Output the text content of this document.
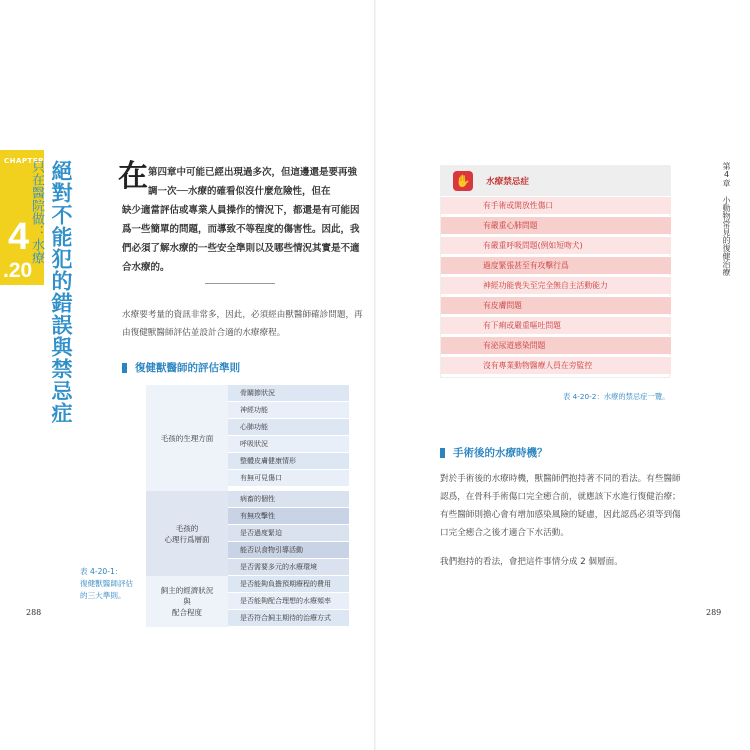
CHAPTER
4
.20 絕對不能犯的錯誤與禁忌症
只在醫院做：水療 在 第四章中可能已經出現過多次，但這邊還是要再強調一次──水療的確看似沒什麼危險性，但在
缺少適當評估或專業人員操作的情況下，都還是有可能因爲一些簡單的問題，而導致不等程度的傷害性。因此，我們必須了解水療的一些安全準則以及哪些情況其實是不適合水療的。
水療要考量的資訊非常多，因此，必須經由獸醫師確診問題，再由復健獸醫師評估並設計合適的水療療程。
復健獸醫師的評估準則
毛孩的生理方面
骨關節狀況
神經功能
心肺功能
呼吸狀況
整體皮膚健康情形
有無可見傷口
毛孩的
心理行爲層面
病畜的個性
有無攻擊性
是否過度緊迫
能否以食物引導活動
是否需要多元的水療環境
飼主的經濟狀況
與
配合程度
是否能夠負擔預期療程的費用
是否能夠配合理想的水療頻率
是否符合飼主期待的治療方式
表 4-20-1：
復健獸醫師評估
的三大準則。
288
第4章 小動物常見的復健治療
✋ 水療禁忌症
有手術或開放性傷口
有嚴重心肺問題
有嚴重呼吸問題(例如短吻犬)
過度緊張甚至有攻擊行爲
神經功能喪失至完全無自主活動能力
有皮膚問題
有下痢或嚴重嘔吐問題
有泌尿道感染問題
沒有專業動物醫療人員在旁監控
表 4-20-2：水療的禁忌症一覽。
手術後的水療時機？
對於手術後的水療時機，獸醫師們抱持著不同的看法。有些醫師認爲，在骨科手術傷口完全癒合前，就應該下水進行復健治療；有些醫師則擔心會有增加感染風險的疑慮，因此認爲必須等到傷口完全癒合之後才適合下水活動。
我們抱持的看法，會把這件事情分成 2 個層面。
289
